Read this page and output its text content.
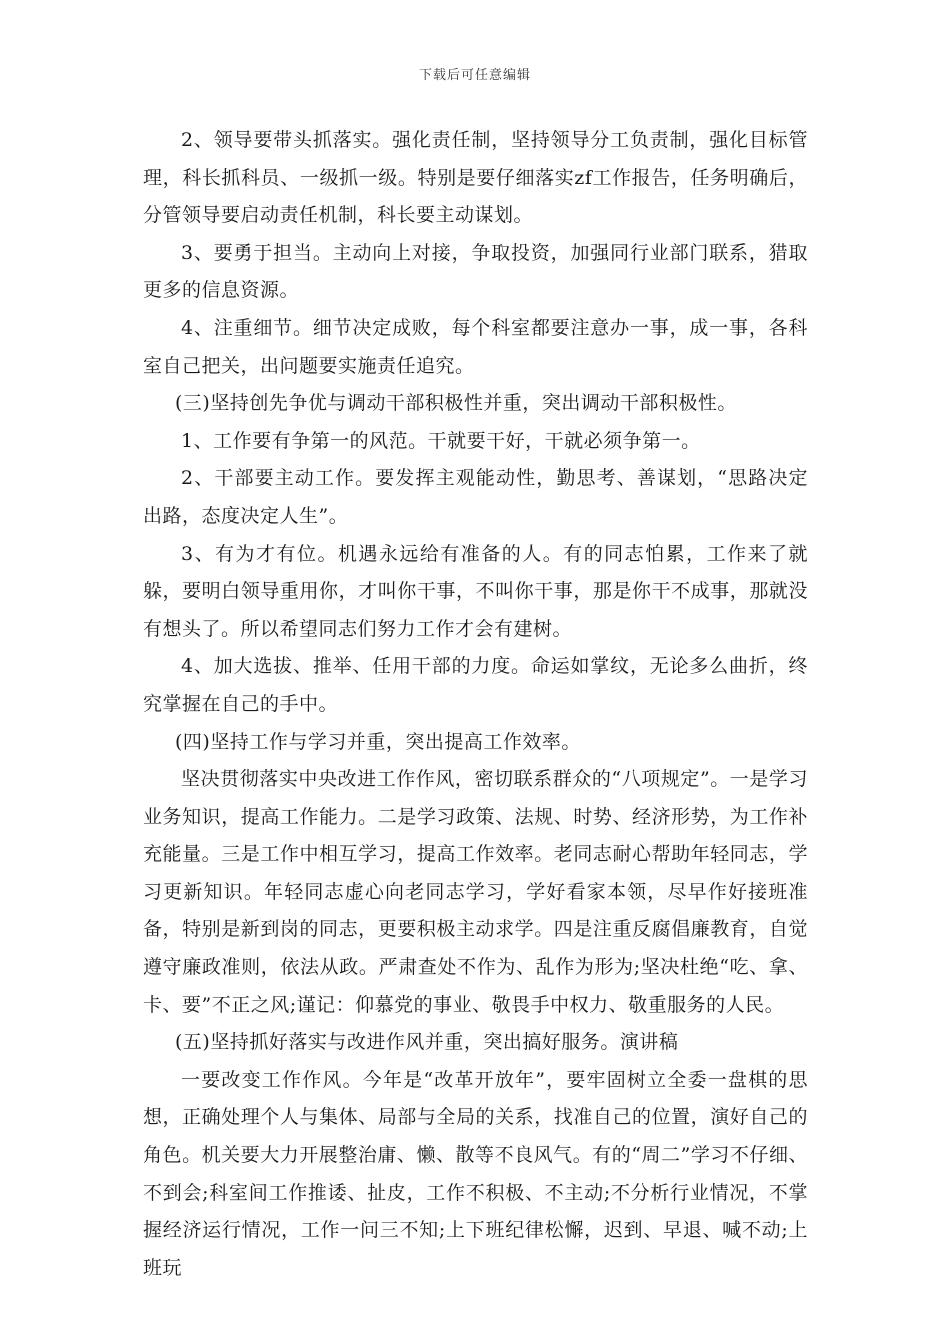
下载后可任意编辑

2、领导要带头抓落实。强化责任制，坚持领导分工负责制，强化目标管理，科长抓科员、一级抓一级。特别是要仔细落实zf工作报告，任务明确后，分管领导要启动责任机制，科长要主动谋划。

3、要勇于担当。主动向上对接，争取投资，加强同行业部门联系，猎取更多的信息资源。

4、注重细节。细节决定成败，每个科室都要注意办一事，成一事，各科室自己把关，出问题要实施责任追究。

(三)坚持创先争优与调动干部积极性并重，突出调动干部积极性。

1、工作要有争第一的风范。干就要干好，干就必须争第一。

2、干部要主动工作。要发挥主观能动性，勤思考、善谋划，“思路决定出路，态度决定人生”。

3、有为才有位。机遇永远给有准备的人。有的同志怕累，工作来了就躲，要明白领导重用你，才叫你干事，不叫你干事，那是你干不成事，那就没有想头了。所以希望同志们努力工作才会有建树。

4、加大选拔、推举、任用干部的力度。命运如掌纹，无论多么曲折，终究掌握在自己的手中。

(四)坚持工作与学习并重，突出提高工作效率。

坚决贯彻落实中央改进工作作风，密切联系群众的“八项规定”。一是学习业务知识，提高工作能力。二是学习政策、法规、时势、经济形势，为工作补充能量。三是工作中相互学习，提高工作效率。老同志耐心帮助年轻同志，学习更新知识。年轻同志虚心向老同志学习，学好看家本领，尽早作好接班准备，特别是新到岗的同志，更要积极主动求学。四是注重反腐倡廉教育，自觉遵守廉政准则，依法从政。严肃查处不作为、乱作为形为;坚决杜绝“吃、拿、卡、要”不正之风;谨记：仰慕党的事业、敬畏手中权力、敬重服务的人民。

(五)坚持抓好落实与改进作风并重，突出搞好服务。演讲稿

一要改变工作作风。今年是“改革开放年”，要牢固树立全委一盘棋的思想，正确处理个人与集体、局部与全局的关系，找准自己的位置，演好自己的角色。机关要大力开展整治庸、懒、散等不良风气。有的“周二”学习不仔细、不到会;科室间工作推诿、扯皮，工作不积极、不主动;不分析行业情况，不掌握经济运行情况，工作一问三不知;上下班纪律松懈，迟到、早退、喊不动;上班玩
